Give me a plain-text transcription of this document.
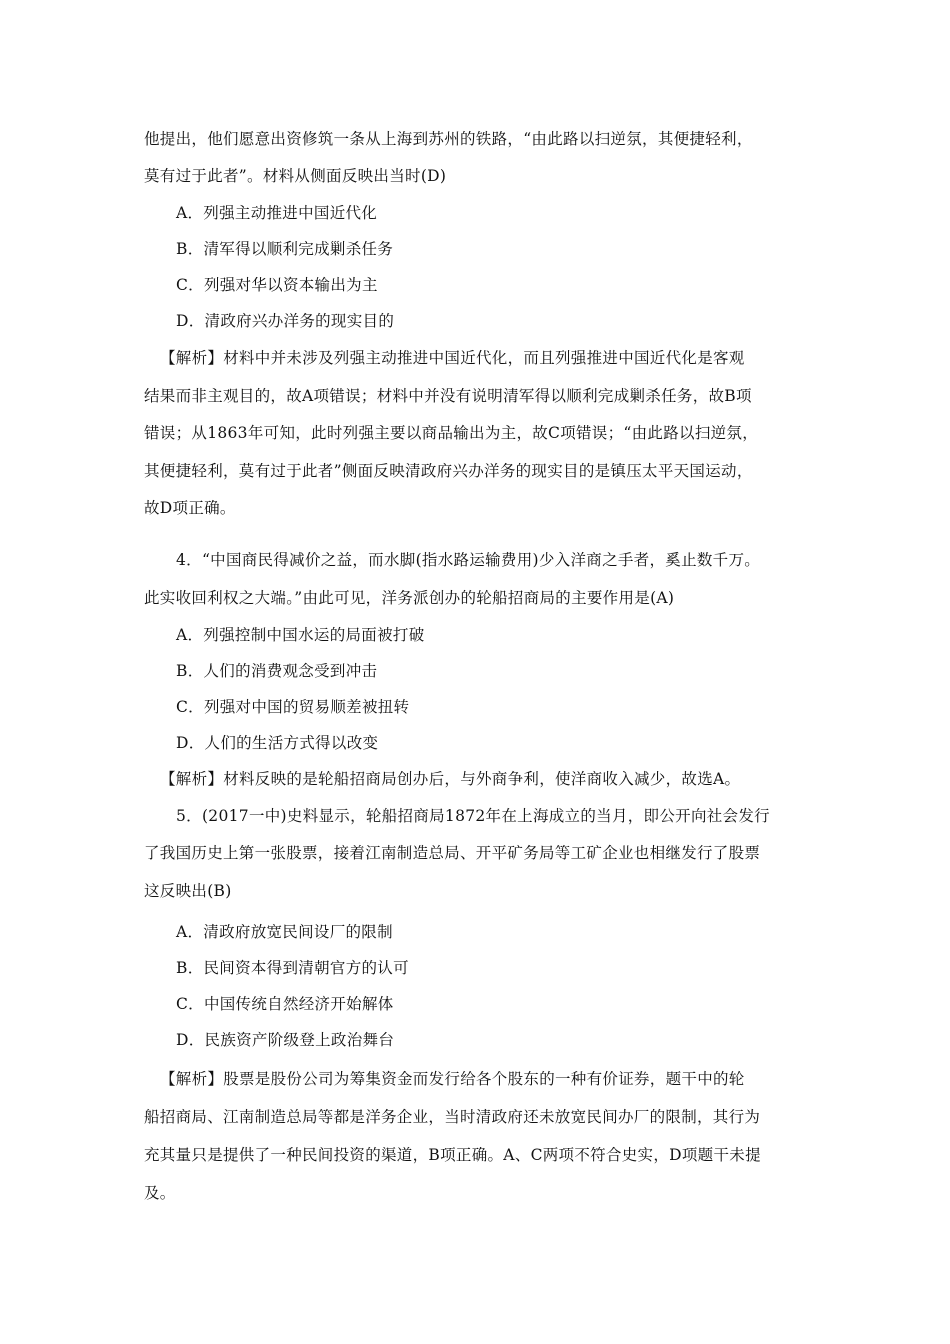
他提出，他们愿意出资修筑一条从上海到苏州的铁路，“由此路以扫逆氛，其便捷轻利，
莫有过于此者”。材料从侧面反映出当时(D)
A．列强主动推进中国近代化
B．清军得以顺利完成剿杀任务
C．列强对华以资本输出为主
D．清政府兴办洋务的现实目的
【解析】材料中并未涉及列强主动推进中国近代化，而且列强推进中国近代化是客观
结果而非主观目的，故A项错误；材料中并没有说明清军得以顺利完成剿杀任务，故B项
错误；从1863年可知，此时列强主要以商品输出为主，故C项错误；“由此路以扫逆氛，
其便捷轻利，莫有过于此者”侧面反映清政府兴办洋务的现实目的是镇压太平天国运动，
故D项正确。
4．“中国商民得减价之益，而水脚(指水路运输费用)少入洋商之手者，奚止数千万。
此实收回利权之大端。”由此可见，洋务派创办的轮船招商局的主要作用是(A)
A．列强控制中国水运的局面被打破
B．人们的消费观念受到冲击
C．列强对中国的贸易顺差被扭转
D．人们的生活方式得以改变
【解析】材料反映的是轮船招商局创办后，与外商争利，使洋商收入减少，故选A。
5．(2017一中)史料显示，轮船招商局1872年在上海成立的当月，即公开向社会发行
了我国历史上第一张股票，接着江南制造总局、开平矿务局等工矿企业也相继发行了股票
这反映出(B)
A．清政府放宽民间设厂的限制
B．民间资本得到清朝官方的认可
C．中国传统自然经济开始解体
D．民族资产阶级登上政治舞台
【解析】股票是股份公司为筹集资金而发行给各个股东的一种有价证券，题干中的轮
船招商局、江南制造总局等都是洋务企业，当时清政府还未放宽民间办厂的限制，其行为
充其量只是提供了一种民间投资的渠道，B项正确。A、C两项不符合史实，D项题干未提
及。
